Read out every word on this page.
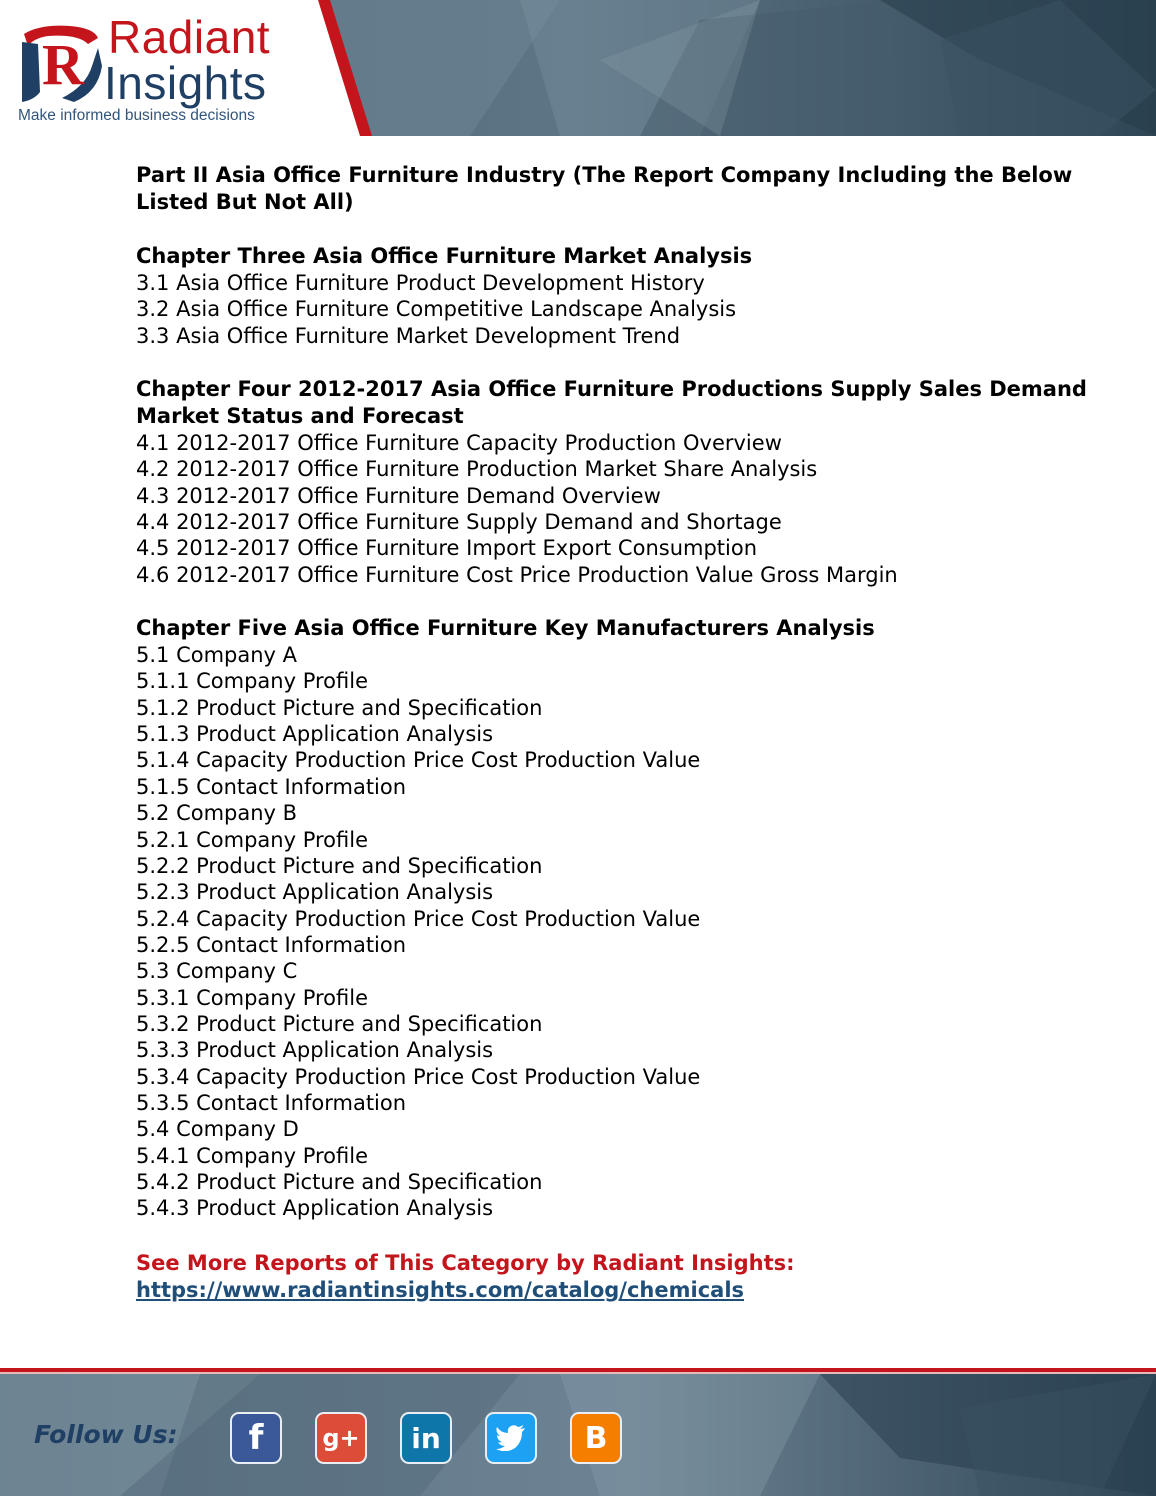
R Radiant
Insights
Make informed business decisions
Part II Asia Office Furniture Industry (The Report Company Including the Below Listed But Not All)
Chapter Three Asia Office Furniture Market Analysis
3.1 Asia Office Furniture Product Development History
3.2 Asia Office Furniture Competitive Landscape Analysis
3.3 Asia Office Furniture Market Development Trend
Chapter Four 2012-2017 Asia Office Furniture Productions Supply Sales Demand Market Status and Forecast
4.1 2012-2017 Office Furniture Capacity Production Overview
4.2 2012-2017 Office Furniture Production Market Share Analysis
4.3 2012-2017 Office Furniture Demand Overview
4.4 2012-2017 Office Furniture Supply Demand and Shortage
4.5 2012-2017 Office Furniture Import Export Consumption
4.6 2012-2017 Office Furniture Cost Price Production Value Gross Margin
Chapter Five Asia Office Furniture Key Manufacturers Analysis
5.1 Company A
5.1.1 Company Profile
5.1.2 Product Picture and Specification
5.1.3 Product Application Analysis
5.1.4 Capacity Production Price Cost Production Value
5.1.5 Contact Information
5.2 Company B
5.2.1 Company Profile
5.2.2 Product Picture and Specification
5.2.3 Product Application Analysis
5.2.4 Capacity Production Price Cost Production Value
5.2.5 Contact Information
5.3 Company C
5.3.1 Company Profile
5.3.2 Product Picture and Specification
5.3.3 Product Application Analysis
5.3.4 Capacity Production Price Cost Production Value
5.3.5 Contact Information
5.4 Company D
5.4.1 Company Profile
5.4.2 Product Picture and Specification
5.4.3 Product Application Analysis
See More Reports of This Category by Radiant Insights:
https://www.radiantinsights.com/catalog/chemicals
Follow Us: f g+ in	B
